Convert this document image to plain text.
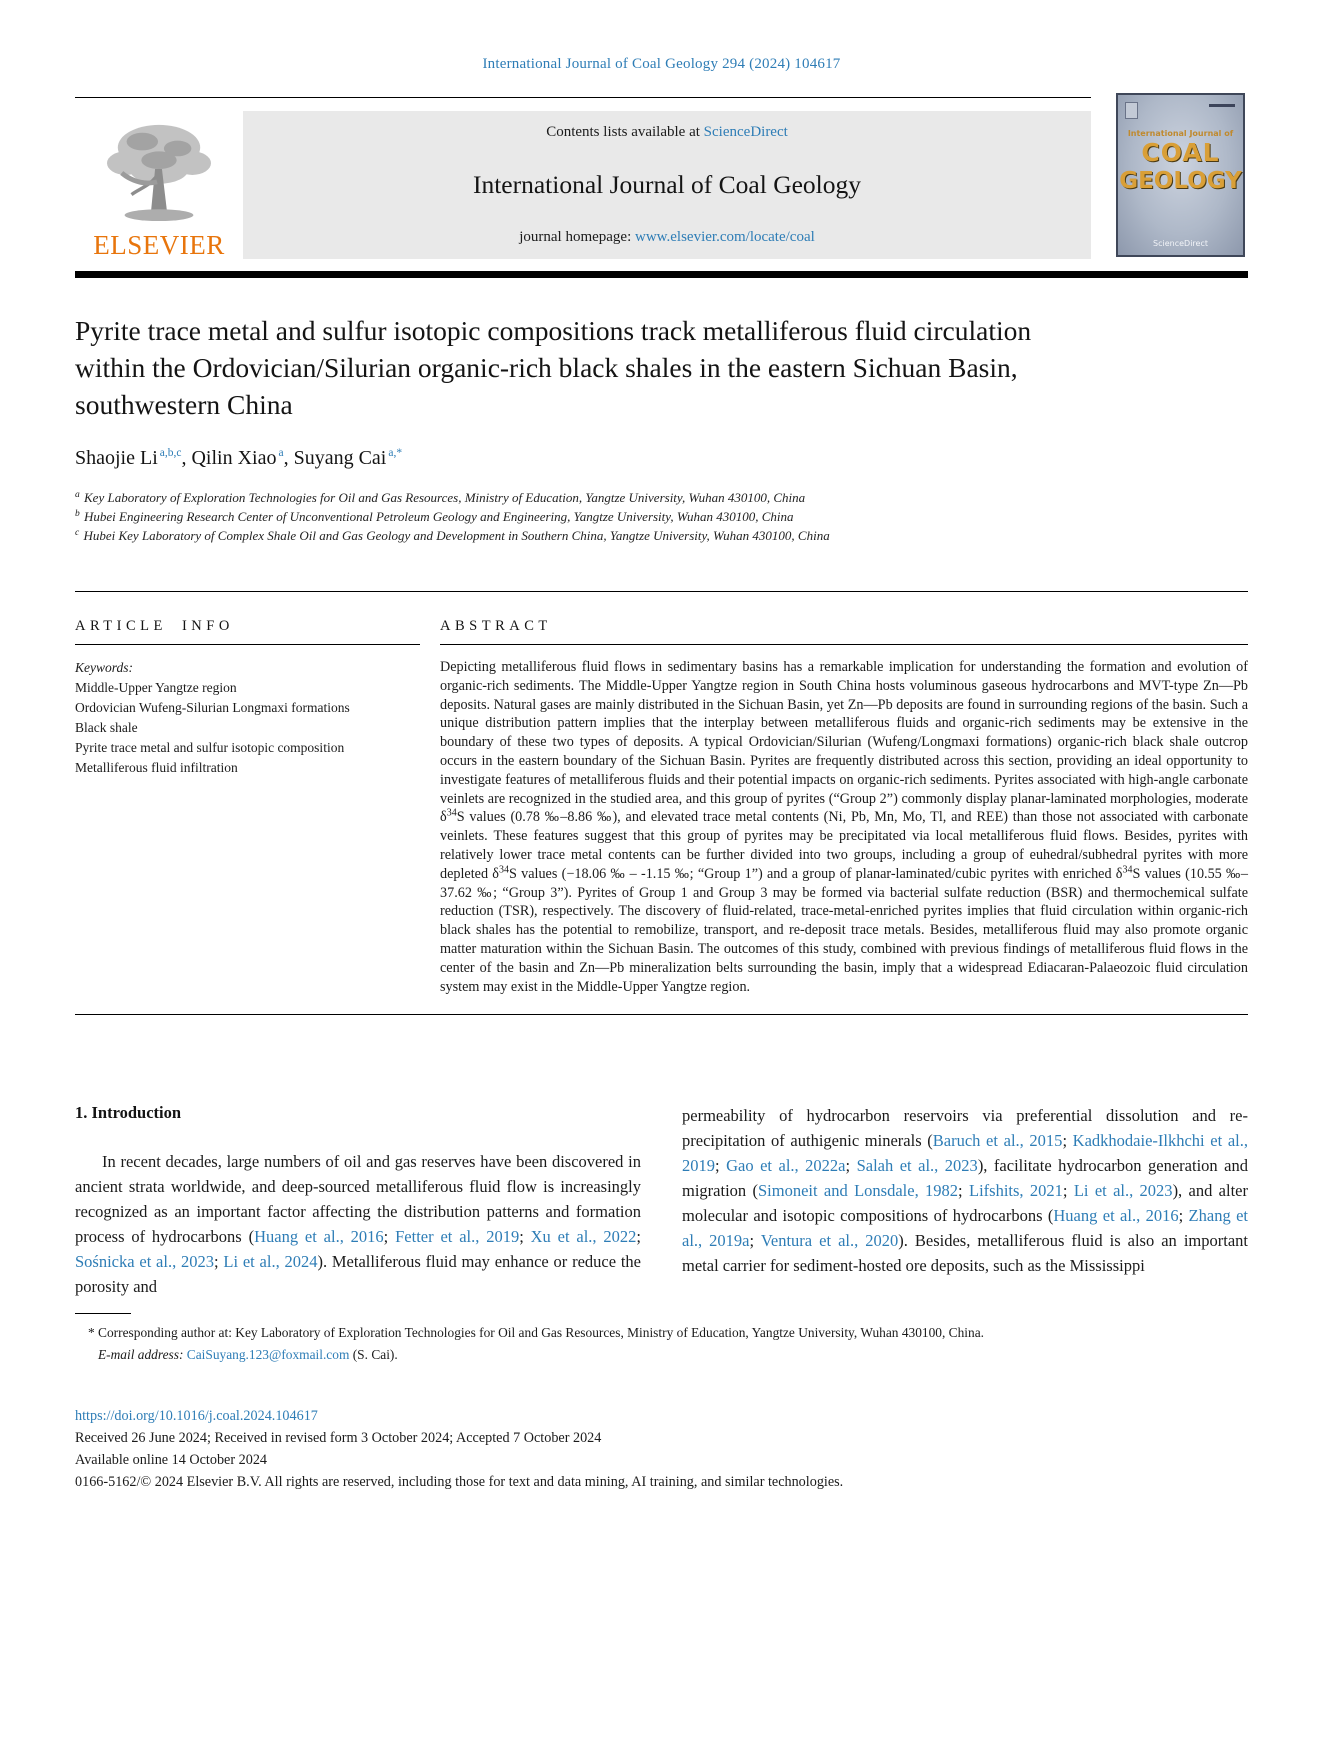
International Journal of Coal Geology 294 (2024) 104617
ELSEVIER
Contents lists available at ScienceDirect
International Journal of Coal Geology
journal homepage: www.elsevier.com/locate/coal
International Journal of
COAL
GEOLOGY
ScienceDirect
Pyrite trace metal and sulfur isotopic compositions track metalliferous fluid circulation within the Ordovician/Silurian organic-rich black shales in the eastern Sichuan Basin, southwestern China
Shaojie Li $^{a,b,c}$, Qilin Xiao $^a$, Suyang Cai $^{a,*}$
$^a$ Key Laboratory of Exploration Technologies for Oil and Gas Resources, Ministry of Education, Yangtze University, Wuhan 430100, China
$^b$ Hubei Engineering Research Center of Unconventional Petroleum Geology and Engineering, Yangtze University, Wuhan 430100, China
$^c$ Hubei Key Laboratory of Complex Shale Oil and Gas Geology and Development in Southern China, Yangtze University, Wuhan 430100, China
ARTICLE INFO
Keywords:
Middle-Upper Yangtze region
Ordovician Wufeng-Silurian Longmaxi formations
Black shale
Pyrite trace metal and sulfur isotopic composition
Metalliferous fluid infiltration
ABSTRACT
Depicting metalliferous fluid flows in sedimentary basins has a remarkable implication for understanding the formation and evolution of organic-rich sediments. The Middle-Upper Yangtze region in South China hosts voluminous gaseous hydrocarbons and MVT-type Zn—Pb deposits. Natural gases are mainly distributed in the Sichuan Basin, yet Zn—Pb deposits are found in surrounding regions of the basin. Such a unique distribution pattern implies that the interplay between metalliferous fluids and organic-rich sediments may be extensive in the boundary of these two types of deposits. A typical Ordovician/Silurian (Wufeng/Longmaxi formations) organic-rich black shale outcrop occurs in the eastern boundary of the Sichuan Basin. Pyrites are frequently distributed across this section, providing an ideal opportunity to investigate features of metalliferous fluids and their potential impacts on organic-rich sediments. Pyrites associated with high-angle carbonate veinlets are recognized in the studied area, and this group of pyrites (“Group 2”) commonly display planar-laminated morphologies, moderate $\delta^{34}S$ values (0.78 ‰–8.86 ‰), and elevated trace metal contents (Ni, Pb, Mn, Mo, Tl, and REE) than those not associated with carbonate veinlets. These features suggest that this group of pyrites may be precipitated via local metalliferous fluid flows. Besides, pyrites with relatively lower trace metal contents can be further divided into two groups, including a group of euhedral/subhedral pyrites with more depleted $\delta^{34}S$ values (−18.06 ‰ – -1.15 ‰; “Group 1”) and a group of planar-laminated/cubic pyrites with enriched $\delta^{34}S$ values (10.55 ‰–37.62 ‰; “Group 3”). Pyrites of Group 1 and Group 3 may be formed via bacterial sulfate reduction (BSR) and thermochemical sulfate reduction (TSR), respectively. The discovery of fluid-related, trace-metal-enriched pyrites implies that fluid circulation within organic-rich black shales has the potential to remobilize, transport, and re-deposit trace metals. Besides, metalliferous fluid may also promote organic matter maturation within the Sichuan Basin. The outcomes of this study, combined with previous findings of metalliferous fluid flows in the center of the basin and Zn—Pb mineralization belts surrounding the basin, imply that a widespread Ediacaran-Palaeozoic fluid circulation system may exist in the Middle-Upper Yangtze region.
1. Introduction

In recent decades, large numbers of oil and gas reserves have been discovered in ancient strata worldwide, and deep-sourced metalliferous fluid flow is increasingly recognized as an important factor affecting the distribution patterns and formation process of hydrocarbons (Huang et al., 2016; Fetter et al., 2019; Xu et al., 2022; Sośnicka et al., 2023; Li et al., 2024). Metalliferous fluid may enhance or reduce the porosity and

permeability of hydrocarbon reservoirs via preferential dissolution and re-precipitation of authigenic minerals (Baruch et al., 2015; Kadkhodaie-Ilkhchi et al., 2019; Gao et al., 2022a; Salah et al., 2023), facilitate hydrocarbon generation and migration (Simoneit and Lonsdale, 1982; Lifshits, 2021; Li et al., 2023), and alter molecular and isotopic compositions of hydrocarbons (Huang et al., 2016; Zhang et al., 2019a; Ventura et al., 2020). Besides, metalliferous fluid is also an important metal carrier for sediment-hosted ore deposits, such as the Mississippi

* Corresponding author at: Key Laboratory of Exploration Technologies for Oil and Gas Resources, Ministry of Education, Yangtze University, Wuhan 430100, China.

E-mail address: CaiSuyang.123@foxmail.com (S. Cai).

https://doi.org/10.1016/j.coal.2024.104617
Received 26 June 2024; Received in revised form 3 October 2024; Accepted 7 October 2024
Available online 14 October 2024
0166-5162/© 2024 Elsevier B.V. All rights are reserved, including those for text and data mining, AI training, and similar technologies.
